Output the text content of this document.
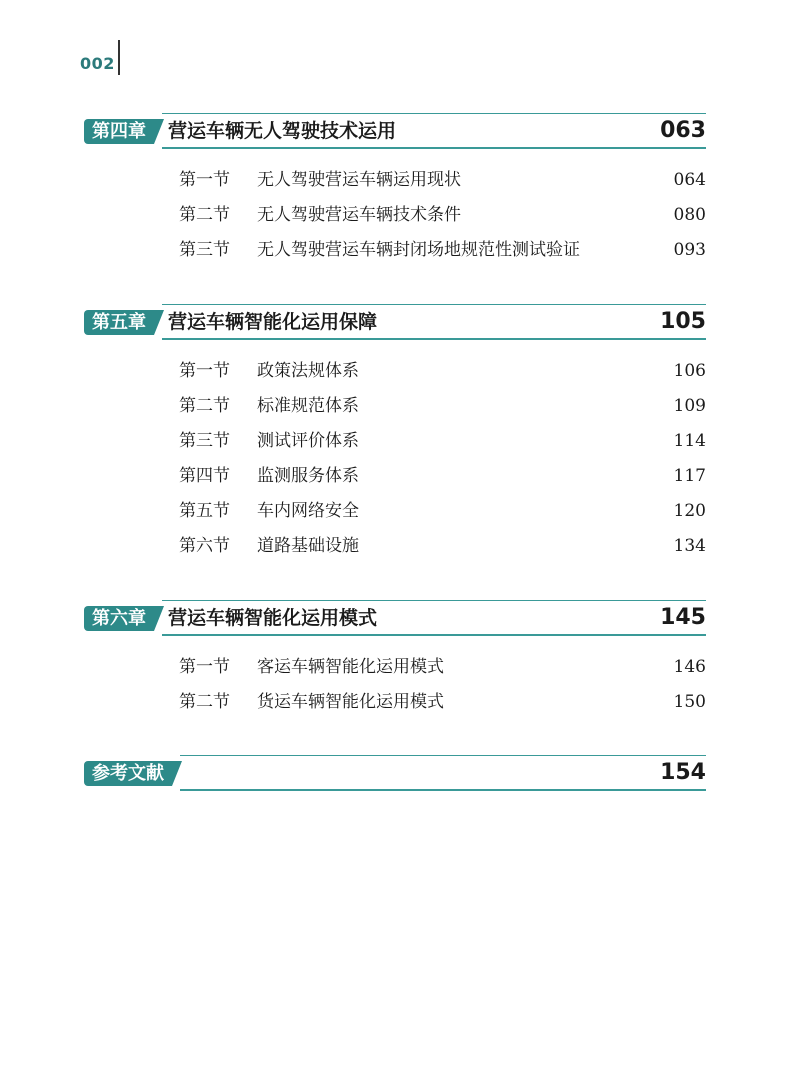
002
第四章	营运车辆无人驾驶技术运用	063
第一节 无人驾驶营运车辆运用现状	064
第二节 无人驾驶营运车辆技术条件	080
第三节 无人驾驶营运车辆封闭场地规范性测试验证	093
第五章	营运车辆智能化运用保障	105
第一节 政策法规体系	106
第二节 标准规范体系	109
第三节 测试评价体系	114
第四节 监测服务体系	117
第五节 车内网络安全	120
第六节 道路基础设施	134
第六章	营运车辆智能化运用模式	145
第一节 客运车辆智能化运用模式	146
第二节 货运车辆智能化运用模式	150
参考文献	154
